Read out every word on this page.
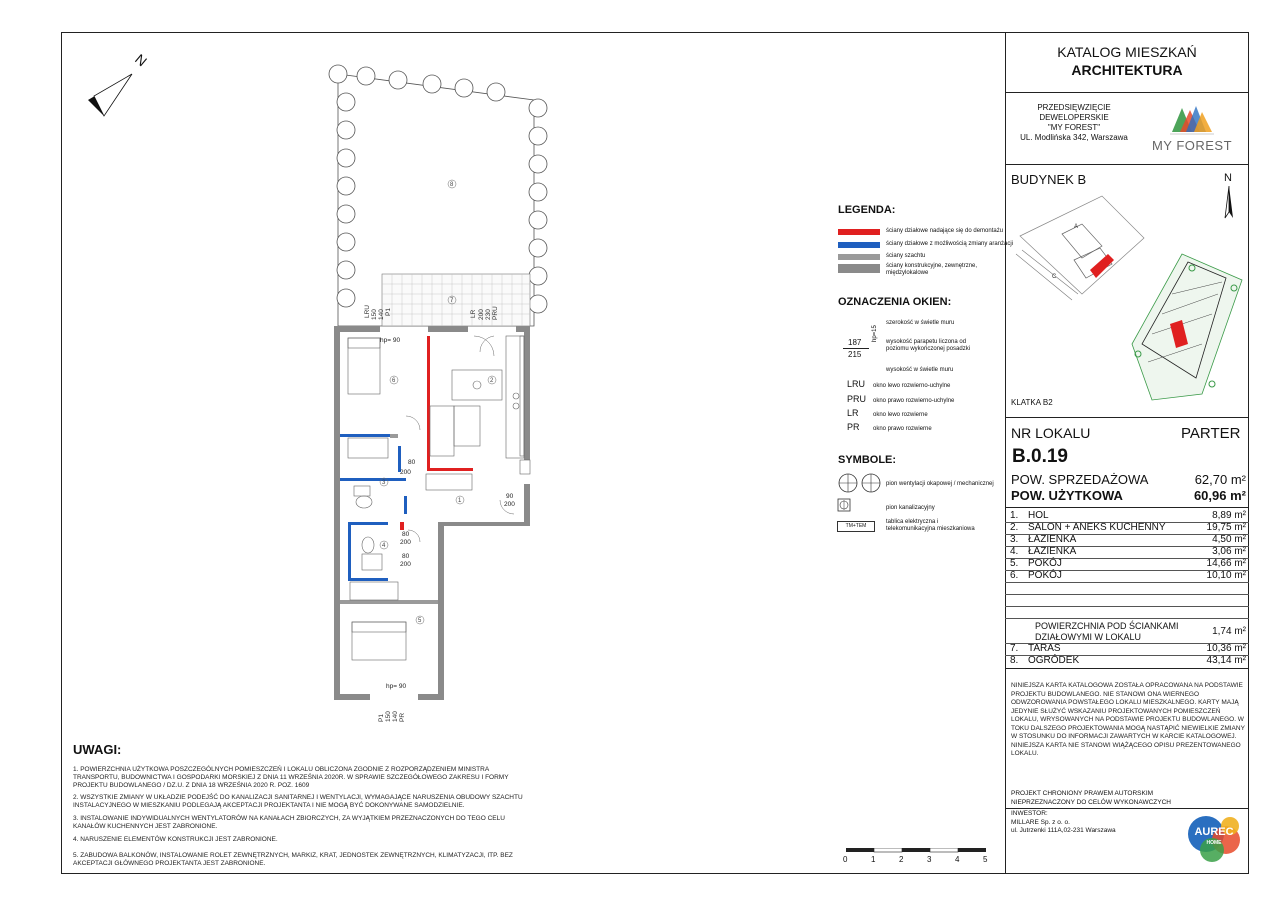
KATALOG MIESZKAŃ
ARCHITEKTURA
PRZEDSIĘWZIĘCIE
DEWELOPERSKIE
"MY FOREST"
UL. Modlińska 342, Warszawa
MY FOREST
BUDYNEK B	N
A
C
KLATKA B2
NR LOKALU	PARTER
B.0.19
POW. SPRZEDAŻOWA	62,70 m²
POW. UŻYTKOWA	60,96 m²
1. HOL	8,89 m²
2. SALON + ANEKS KUCHENNY	19,75 m²
3. ŁAZIENKA	4,50 m²
4. ŁAZIENKA	3,06 m²
5. POKÓJ	14,66 m²
6. POKÓJ	10,10 m²
POWIERZCHNIA POD ŚCIANKAMI
DZIAŁOWYMI W LOKALU	1,74 m²
7. TARAS	10,36 m²
8. OGRÓDEK	43,14 m²
NINIEJSZA KARTA KATALOGOWA ZOSTAŁA OPRACOWANA NA PODSTAWIE PROJEKTU BUDOWLANEGO. NIE STANOWI ONA WIERNEGO ODWZOROWANIA POWSTAŁEGO LOKALU MIESZKALNEGO. KARTY MAJĄ JEDYNIE SŁUŻYĆ WSKAZANIU PROJEKTOWANYCH POMIESZCZEŃ LOKALU, WRYSOWANYCH NA PODSTAWIE PROJEKTU BUDOWLANEGO. W TOKU DALSZEGO PROJEKTOWANIA MOGĄ NASTĄPIĆ NIEWIELKIE ZMIANY W STOSUNKU DO INFORMACJI ZAWARTYCH W KARCIE KATALOGOWEJ. NINIEJSZA KARTA NIE STANOWI WIĄŻĄCEGO OPISU PREZENTOWANEGO LOKALU.
PROJEKT CHRONIONY PRAWEM AUTORSKIM
NIEPRZEZNACZONY DO CELÓW WYKONAWCZYCH
INWESTOR:
MILLARE Sp. z o. o.
ul. Jutrzenki 111A,02-231 Warszawa	AUREC
HOME
LEGENDA:
ściany działowe nadające się do demontażu
ściany działowe z możliwością zmiany aranżacji
ściany szachtu
ściany konstrukcyjne, zewnętrzne, międzylokalowe
OZNACZENIA OKIEN:
187
215
hp=15
szerokość w świetle muru
wysokość parapetu liczona od poziomu wykończonej posadzki
wysokość w świetle muru
LRU okno lewo rozwierno-uchylne
PRU okno prawo rozwierno-uchylne
LR okno lewo rozwierne
PR okno prawo rozwierne
SYMBOLE:
pion wentylacji okapowej / mechanicznej
pion kanalizacyjny
TM+TEM
tablica elektryczna i telekomunikacyjna mieszkaniowa
0	1	2	3	4	5
UWAGI:
1. POWIERZCHNIA UŻYTKOWA POSZCZEGÓLNYCH POMIESZCZEŃ I LOKALU OBLICZONA ZGODNIE Z ROZPORZĄDZENIEM MINISTRA TRANSPORTU, BUDOWNICTWA I GOSPODARKI MORSKIEJ Z DNIA 11 WRZEŚNIA 2020R. W SPRAWIE SZCZEGÓŁOWEGO ZAKRESU I FORMY PROJEKTU BUDOWLANEGO / DZ.U. Z DNIA 18 WRZEŚNIA 2020 R. POZ. 1609
2. WSZYSTKIE ZMIANY W UKŁADZIE PODEJŚĆ DO KANALIZACJI SANITARNEJ I WENTYLACJI, WYMAGAJĄCE NARUSZENIA OBUDOWY SZACHTU INSTALACYJNEGO W MIESZKANIU PODLEGAJĄ AKCEPTACJI PROJEKTANTA I NIE MOGĄ BYĆ DOKONYWANE SAMODZIELNIE.
3. INSTALOWANIE INDYWIDUALNYCH WENTYLATORÓW NA KANAŁACH ZBIORCZYCH, ZA WYJĄTKIEM PRZEZNACZONYCH DO TEGO CELU KANAŁÓW KUCHENNYCH JEST ZABRONIONE.
4. NARUSZENIE ELEMENTÓW KONSTRUKCJI JEST ZABRONIONE.
5. ZABUDOWA BALKONÓW, INSTALOWANIE ROLET ZEWNĘTRZNYCH, MARKIZ, KRAT, JEDNOSTEK ZEWNĘTRZNYCH, KLIMATYZACJI, ITP. BEZ AKCEPTACJI GŁÓWNEGO PROJEKTANTA JEST ZABRONIONE.
N
1
2
3
4
5
6
7
8
hp= 90
hp= 90
80
200
80
200
90
200
80
200
LRU 150 140 P1	LR 200 230 PRU
P1 150 140 PR
